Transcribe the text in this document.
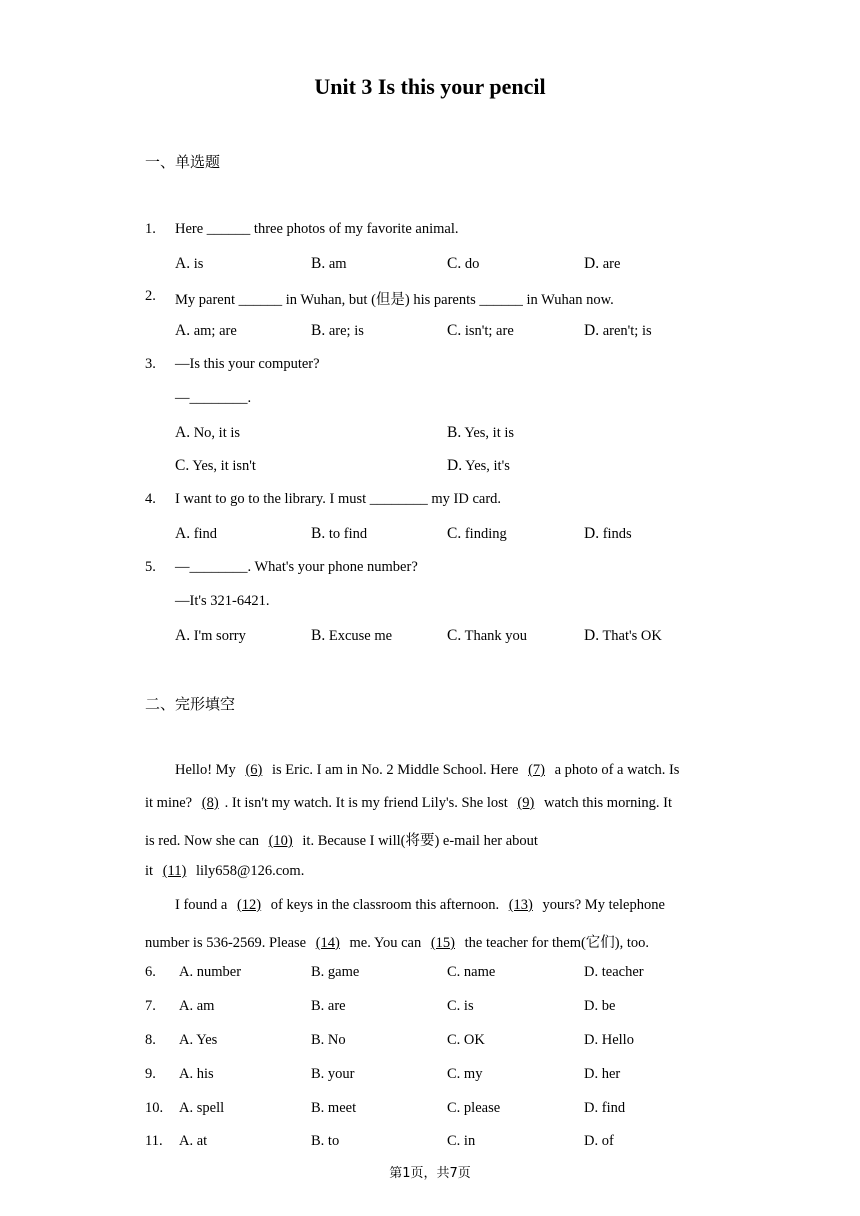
Unit 3 Is this your pencil
一、单选题
1. Here ______ three photos of my favorite animal.
A. is	B. am	C. do	D. are
2. My parent ______ in Wuhan, but (但是) his parents ______ in Wuhan now.
A. am; are	B. are; is	C. isn't; are	D. aren't; is
3. —Is this your computer?
—________.
A. No, it is	B. Yes, it is
C. Yes, it isn't	D. Yes, it's
4. I want to go to the library. I must ________ my ID card.
A. find	B. to find	C. finding	D. finds
5. —________. What's your phone number?
—It's 321-6421.
A. I'm sorry	B. Excuse me	C. Thank you	D. That's OK
二、完形填空
Hello! My (6) is Eric. I am in No. 2 Middle School. Here (7) a photo of a watch. Is
it mine? (8) . It isn't my watch. It is my friend Lily's. She lost (9) watch this morning. It
is red. Now she can (10) it. Because I will(将要) e-mail her about
it (11) lily658@126.com.
I found a (12) of keys in the classroom this afternoon. (13) yours? My telephone
number is 536-2569. Please (14) me. You can (15) the teacher for them(它们), too.
6. A. number	B. game	C. name	D. teacher
7. A. am	B. are	C. is	D. be
8. A. Yes	B. No	C. OK	D. Hello
9. A. his	B. your	C. my	D. her
10. A. spell	B. meet	C. please	D. find
11. A. at	B. to	C. in	D. of
第1页，共7页
